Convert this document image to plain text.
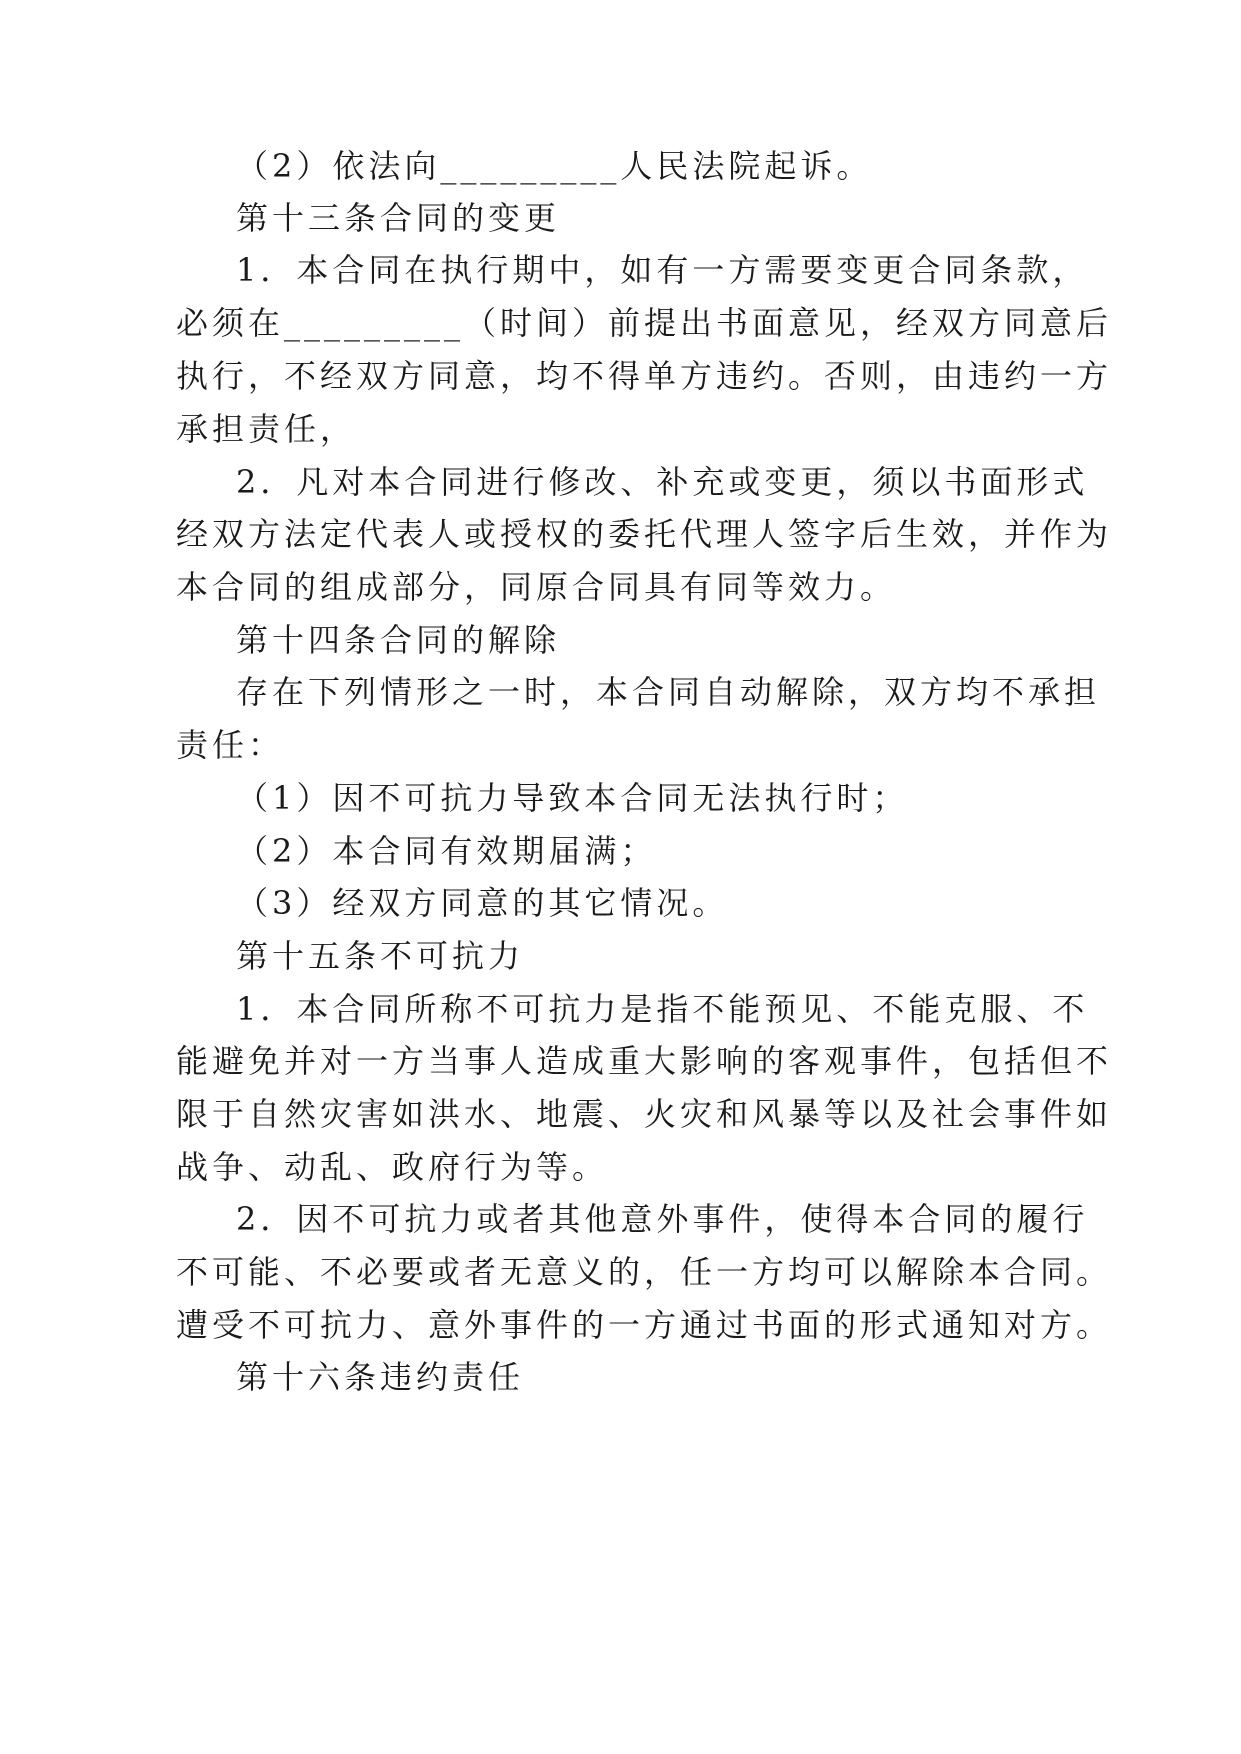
（2）依法向_________人民法院起诉。
第十三条合同的变更
1．本合同在执行期中，如有一方需要变更合同条款，
必须在_________（时间）前提出书面意见，经双方同意后
执行，不经双方同意，均不得单方违约。否则，由违约一方
承担责任，
2．凡对本合同进行修改、补充或变更，须以书面形式
经双方法定代表人或授权的委托代理人签字后生效，并作为
本合同的组成部分，同原合同具有同等效力。
第十四条合同的解除
存在下列情形之一时，本合同自动解除，双方均不承担
责任：
（1）因不可抗力导致本合同无法执行时；
（2）本合同有效期届满；
（3）经双方同意的其它情况。
第十五条不可抗力
1．本合同所称不可抗力是指不能预见、不能克服、不
能避免并对一方当事人造成重大影响的客观事件，包括但不
限于自然灾害如洪水、地震、火灾和风暴等以及社会事件如
战争、动乱、政府行为等。
2．因不可抗力或者其他意外事件，使得本合同的履行
不可能、不必要或者无意义的，任一方均可以解除本合同。
遭受不可抗力、意外事件的一方通过书面的形式通知对方。
第十六条违约责任
